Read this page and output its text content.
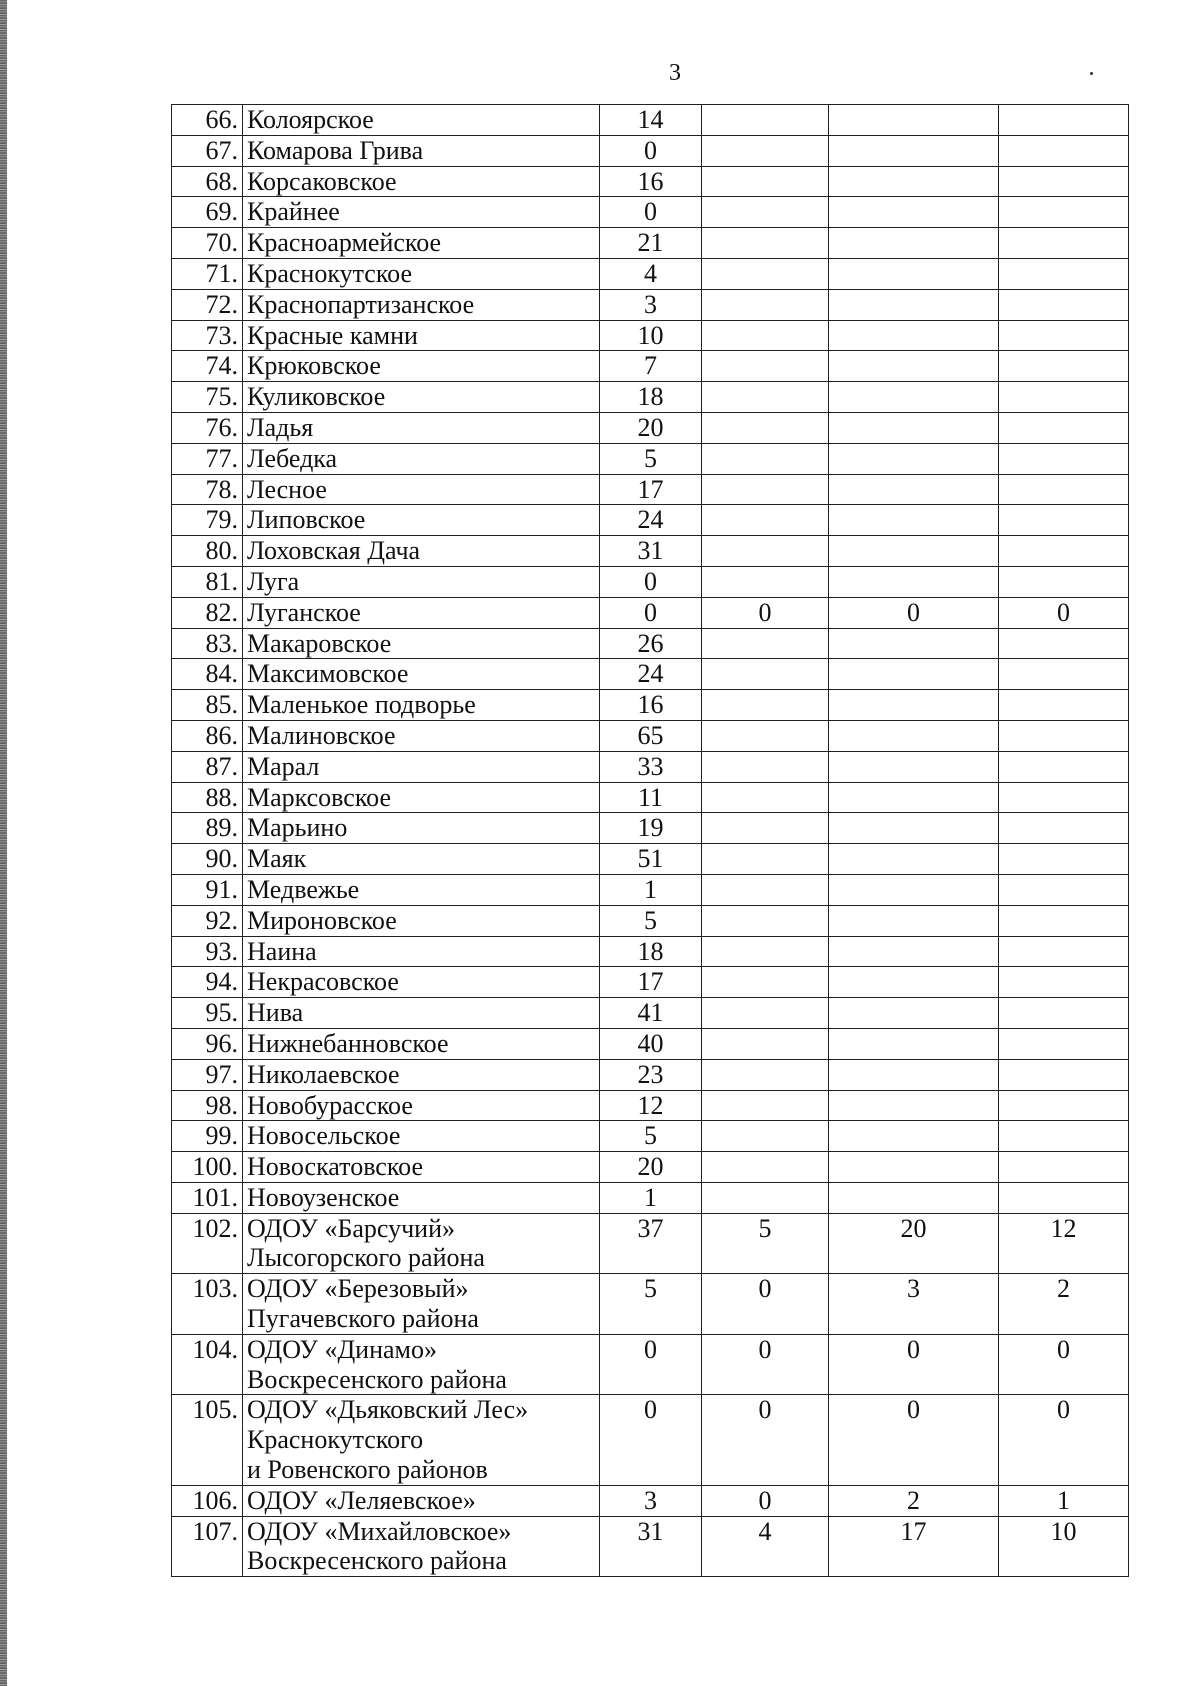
3
66.	Колоярское	14			
67.	Комарова Грива	0			
68.	Корсаковское	16			
69.	Крайнее	0			
70.	Красноармейское	21			
71.	Краснокутское	4			
72.	Краснопартизанское	3			
73.	Красные камни	10			
74.	Крюковское	7			
75.	Куликовское	18			
76.	Ладья	20			
77.	Лебедка	5			
78.	Лесное	17			
79.	Липовское	24			
80.	Лоховская Дача	31			
81.	Луга	0			
82.	Луганское	0	0	0	0
83.	Макаровское	26			
84.	Максимовское	24			
85.	Маленькое подворье	16			
86.	Малиновское	65			
87.	Марал	33			
88.	Марксовское	11			
89.	Марьино	19			
90.	Маяк	51			
91.	Медвежье	1			
92.	Мироновское	5			
93.	Наина	18			
94.	Некрасовское	17			
95.	Нива	41			
96.	Нижнебанновское	40			
97.	Николаевское	23			
98.	Новобурасское	12			
99.	Новосельское	5			
100.	Новоскатовское	20			
101.	Новоузенское	1			
102.	ОДОУ «Барсучий»
Лысогорского района	37	5	20	12
103.	ОДОУ «Березовый»
Пугачевского района	5	0	3	2
104.	ОДОУ «Динамо»
Воскресенского района	0	0	0	0
105.	ОДОУ «Дьяковский Лес»
Краснокутского
и Ровенского районов	0	0	0	0
106.	ОДОУ «Леляевское»	3	0	2	1
107.	ОДОУ «Михайловское»
Воскресенского района	31	4	17	10
